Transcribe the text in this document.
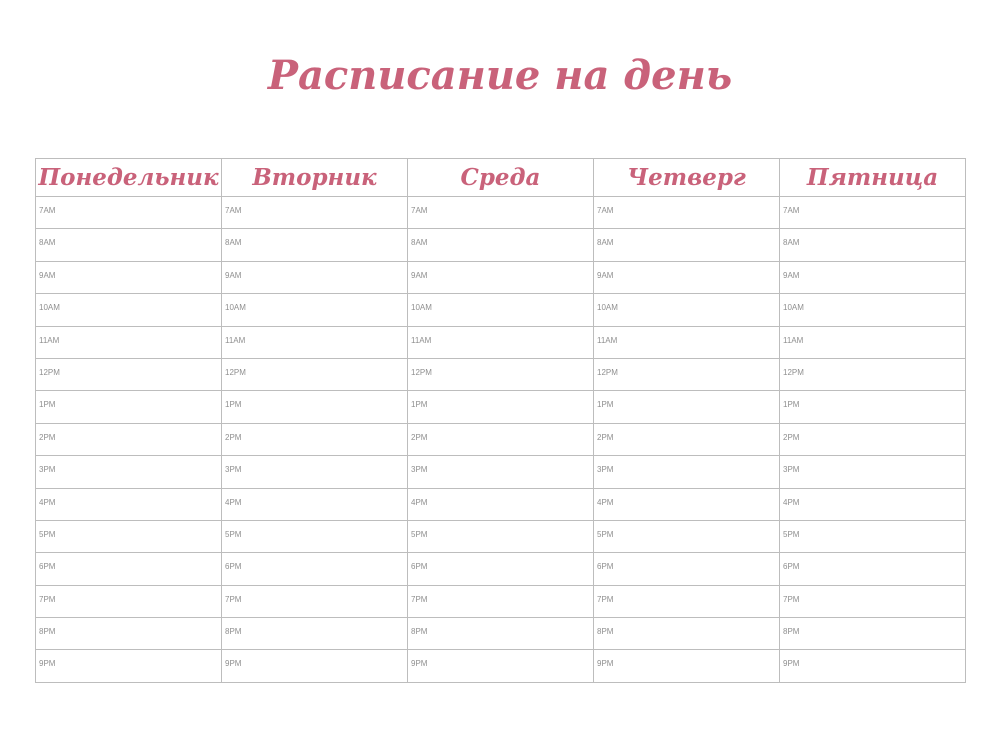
Расписание на день
Понедельник	Вторник	Среда	Четверг	Пятница
7AM	7AM	7AM	7AM	7AM
8AM	8AM	8AM	8AM	8AM
9AM	9AM	9AM	9AM	9AM
10AM	10AM	10AM	10AM	10AM
11AM	11AM	11AM	11AM	11AM
12PM	12PM	12PM	12PM	12PM
1PM	1PM	1PM	1PM	1PM
2PM	2PM	2PM	2PM	2PM
3PM	3PM	3PM	3PM	3PM
4PM	4PM	4PM	4PM	4PM
5PM	5PM	5PM	5PM	5PM
6PM	6PM	6PM	6PM	6PM
7PM	7PM	7PM	7PM	7PM
8PM	8PM	8PM	8PM	8PM
9PM	9PM	9PM	9PM	9PM
